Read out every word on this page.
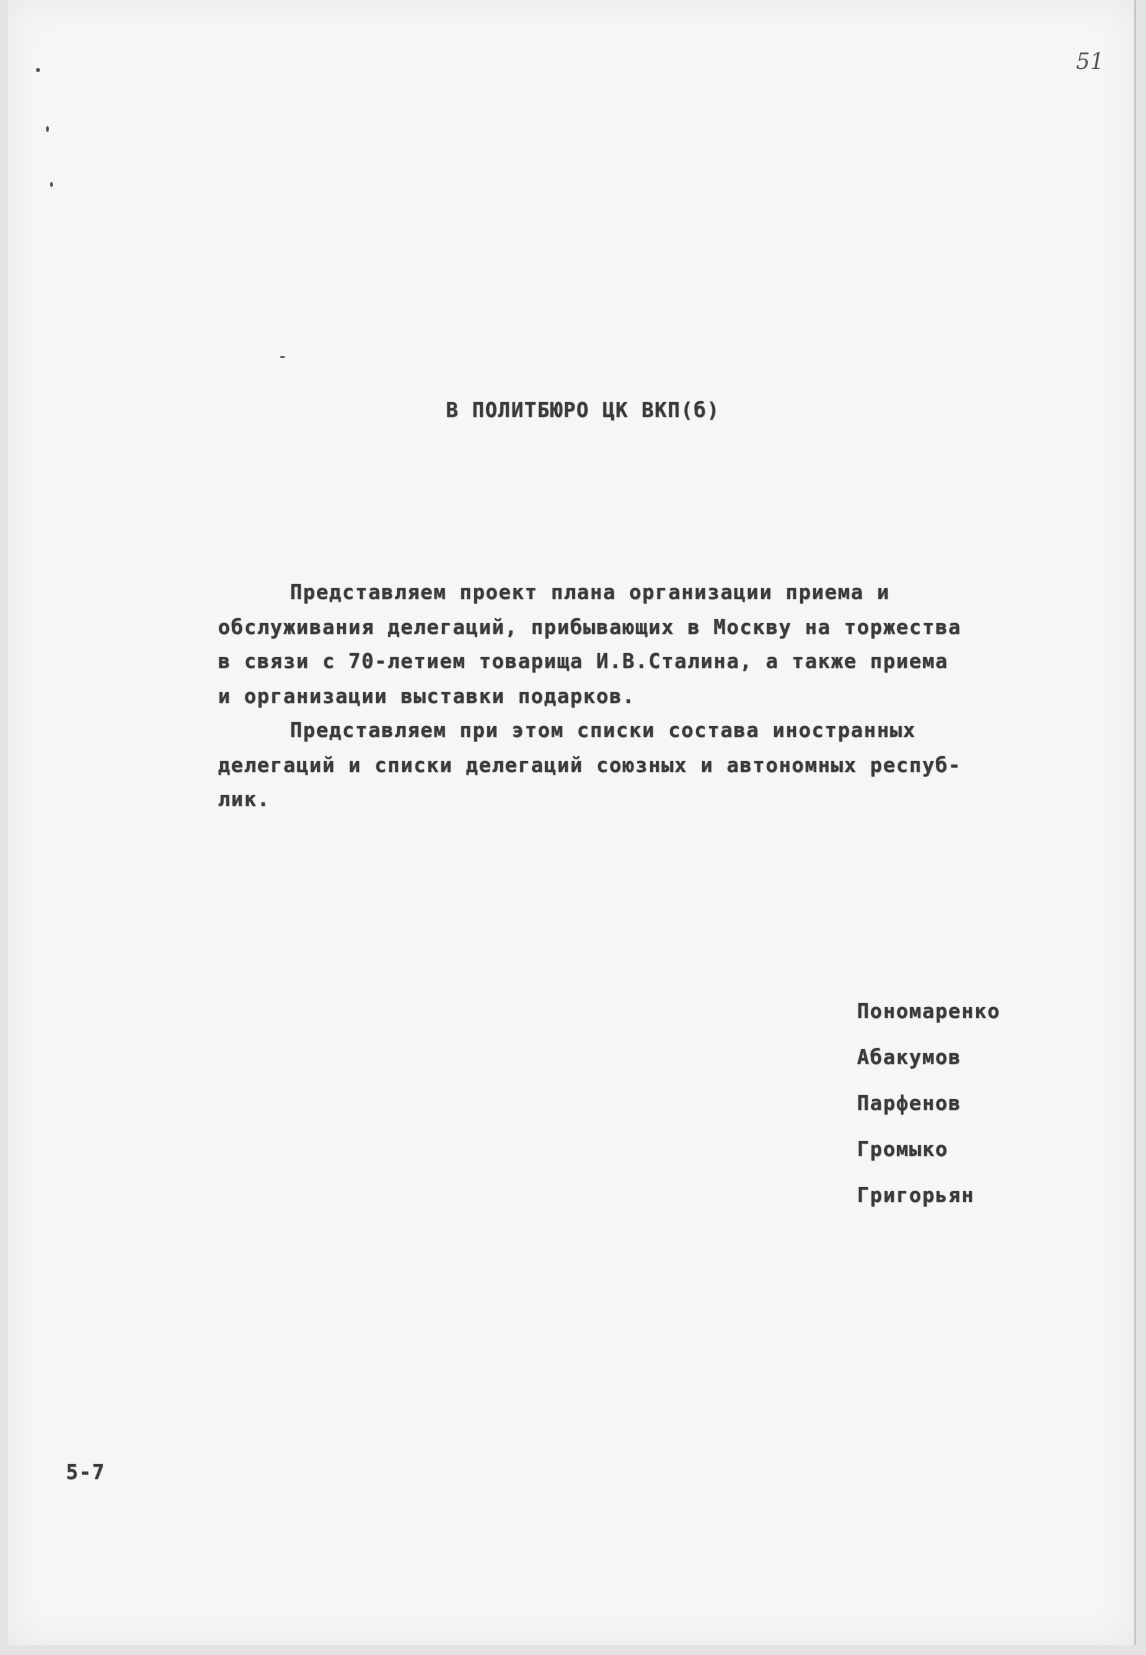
51
В ПОЛИТБЮРО ЦК ВКП(б)
Представляем проект плана организации приема и
обслуживания делегаций, прибывающих в Москву на торжества
в связи с 70-летием товарища И.В.Сталина, а также приема
и организации выставки подарков.
Представляем при этом списки состава иностранных
делегаций и списки делегаций союзных и автономных респуб-
лик.
Пономаренко
Абакумов
Парфенов
Громыко
Григорьян
5-7
